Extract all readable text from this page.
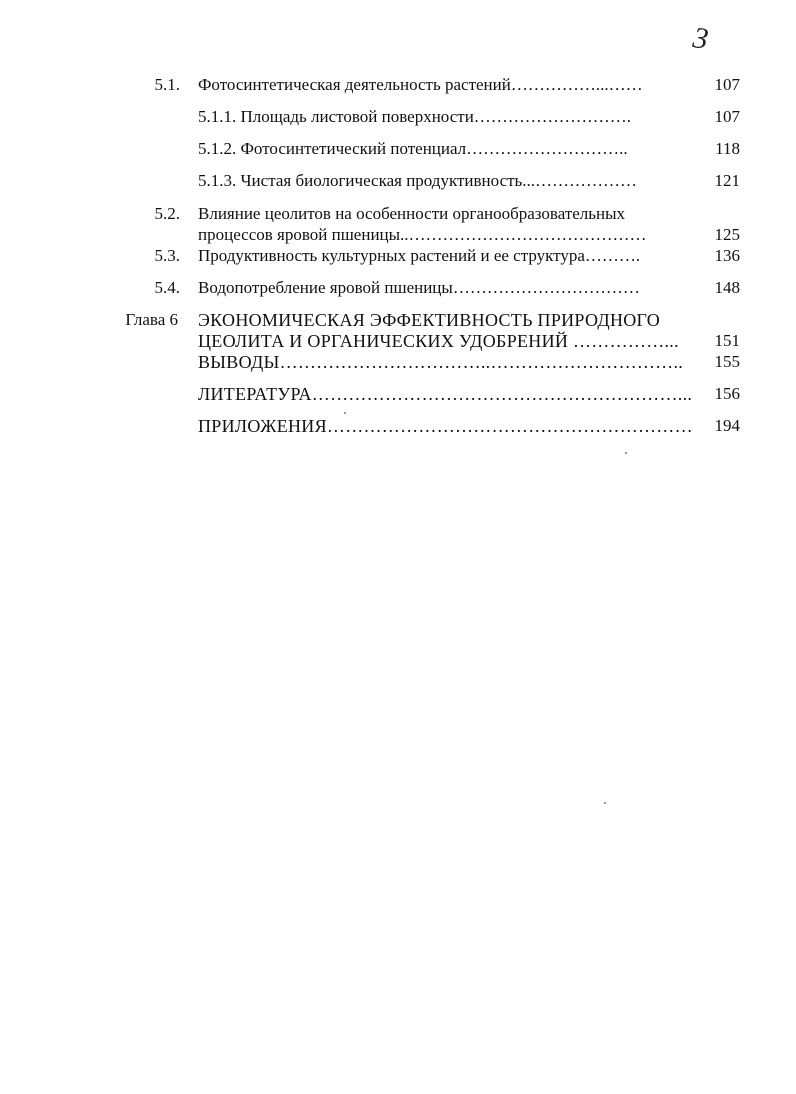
3
5.1. Фотосинтетическая деятельность растений……………...……	107
5.1.1. Площадь листовой поверхности……………………….	107
5.1.2. Фотосинтетический потенциал………………………..	118
5.1.3. Чистая биологическая продуктивность...………………	121
5.2. Влияние цеолитов на особенности органообразовательных
процессов яровой пшеницы..……………………………………	125
5.3. Продуктивность культурных растений и ее структура……….	136
5.4. Водопотребление яровой пшеницы……………………………	148
Глава 6 ЭКОНОМИЧЕСКАЯ ЭФФЕКТИВНОСТЬ ПРИРОДНОГО
ЦЕОЛИТА И ОРГАНИЧЕСКИХ УДОБРЕНИЙ ……………... 151
ВЫВОДЫ……………………………..………………………….. 155
ЛИТЕРАТУРА……………………………………………………... 156
ПРИЛОЖЕНИЯ…………………………………………………… 194
